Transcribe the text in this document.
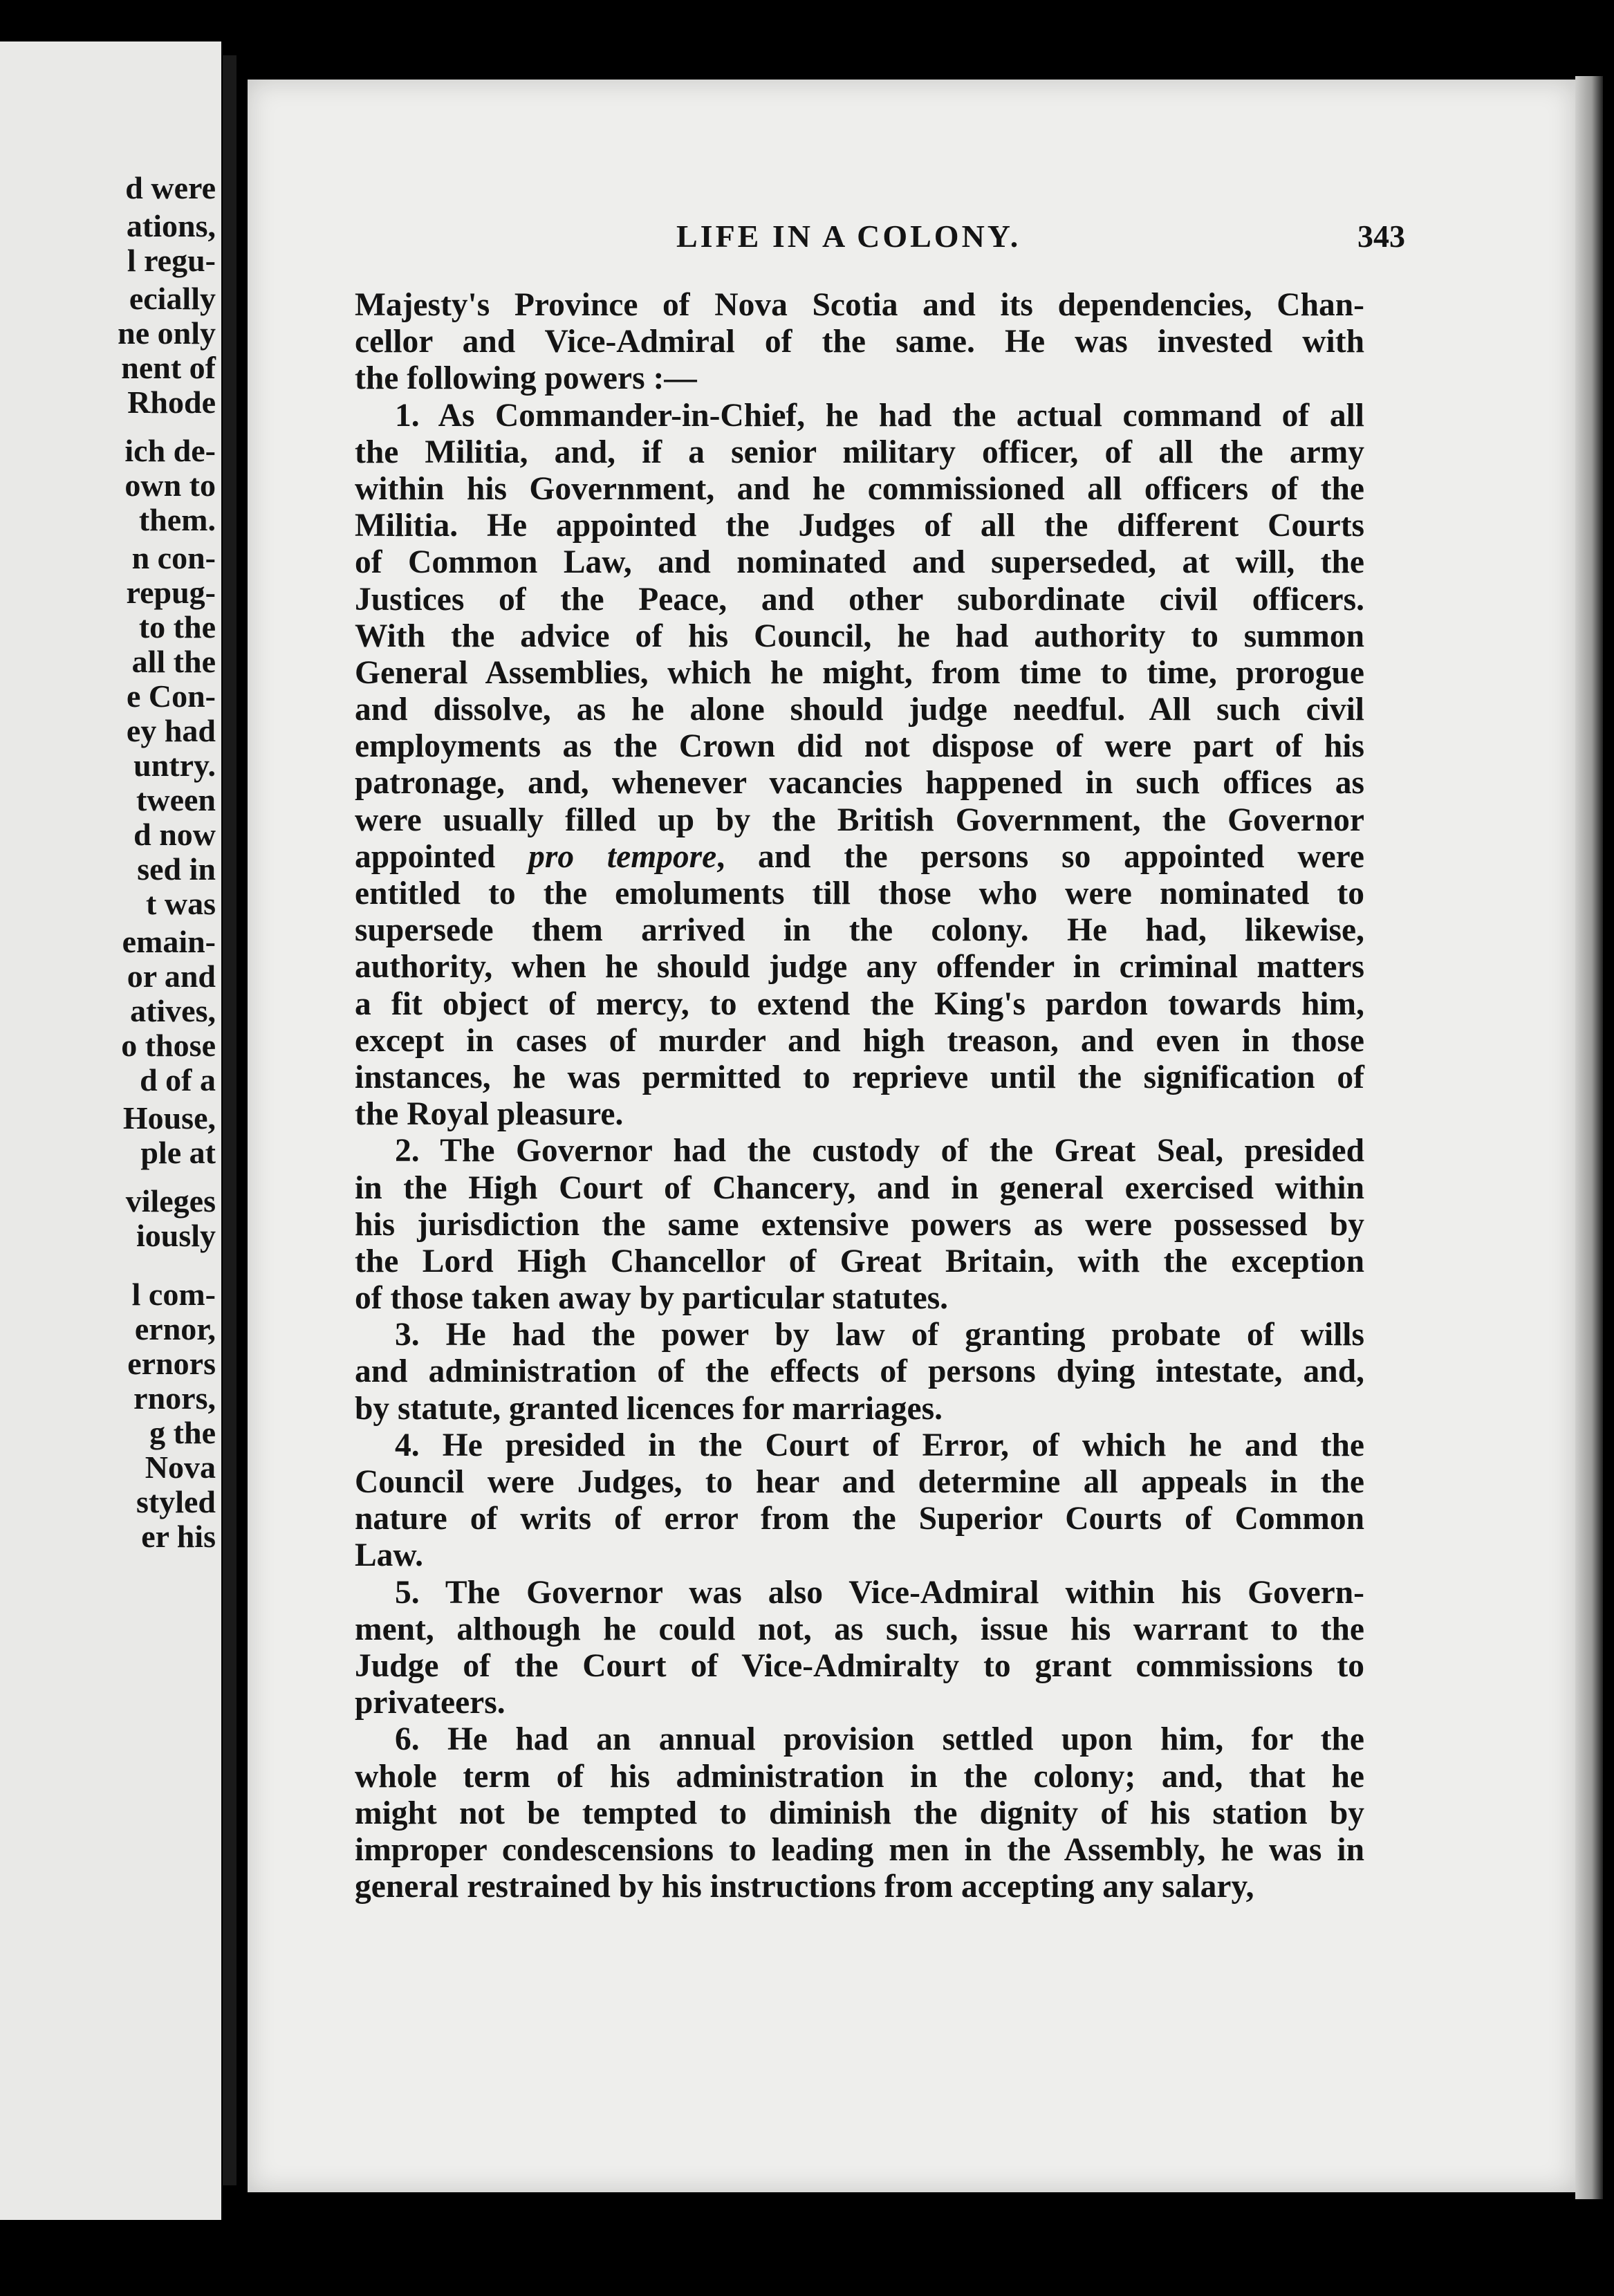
d were
ations,
l regu-
ecially
ne only
nent of
Rhode
ich de-
own to
them.
n con-
repug-
to the
all the
e Con-
ey had
untry.
tween
d now
sed in
t was
emain-
or and
atives,
o those
d of a
House,
ple at
vileges
iously
l com-
ernor,
ernors
rnors,
g the
Nova
styled
er his
LIFE IN A COLONY.	343
Majesty's Province of Nova Scotia and its dependencies, Chan-
cellor and Vice-Admiral of the same. He was invested with
the following powers :—
1. As Commander-in-Chief, he had the actual command of all
the Militia, and, if a senior military officer, of all the army
within his Government, and he commissioned all officers of the
Militia. He appointed the Judges of all the different Courts
of Common Law, and nominated and superseded, at will, the
Justices of the Peace, and other subordinate civil officers.
With the advice of his Council, he had authority to summon
General Assemblies, which he might, from time to time, prorogue
and dissolve, as he alone should judge needful. All such civil
employments as the Crown did not dispose of were part of his
patronage, and, whenever vacancies happened in such offices as
were usually filled up by the British Government, the Governor
appointed pro tempore, and the persons so appointed were
entitled to the emoluments till those who were nominated to
supersede them arrived in the colony. He had, likewise,
authority, when he should judge any offender in criminal matters
a fit object of mercy, to extend the King's pardon towards him,
except in cases of murder and high treason, and even in those
instances, he was permitted to reprieve until the signification of
the Royal pleasure.
2. The Governor had the custody of the Great Seal, presided
in the High Court of Chancery, and in general exercised within
his jurisdiction the same extensive powers as were possessed by
the Lord High Chancellor of Great Britain, with the exception
of those taken away by particular statutes.
3. He had the power by law of granting probate of wills
and administration of the effects of persons dying intestate, and,
by statute, granted licences for marriages.
4. He presided in the Court of Error, of which he and the
Council were Judges, to hear and determine all appeals in the
nature of writs of error from the Superior Courts of Common
Law.
5. The Governor was also Vice-Admiral within his Govern-
ment, although he could not, as such, issue his warrant to the
Judge of the Court of Vice-Admiralty to grant commissions to
privateers.
6. He had an annual provision settled upon him, for the
whole term of his administration in the colony; and, that he
might not be tempted to diminish the dignity of his station by
improper condescensions to leading men in the Assembly, he was in
general restrained by his instructions from accepting any salary,
